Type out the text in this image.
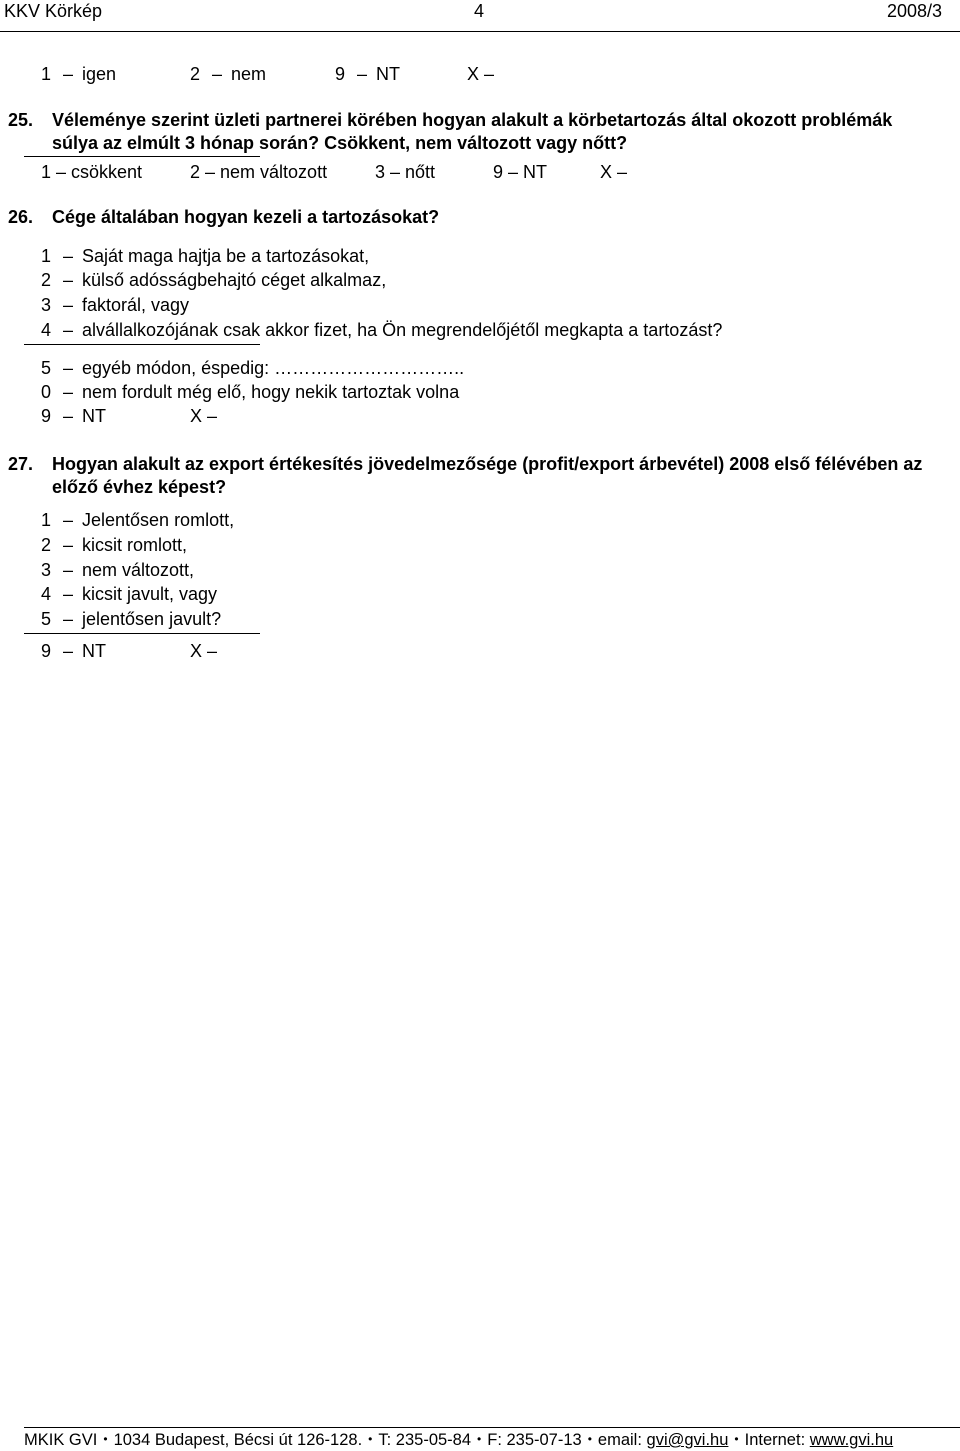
KKV Körkép	4	2008/3
1 – igen	2 – nem	9 – NT	X –
25. Véleménye szerint üzleti partnerei körében hogyan alakult a körbetartozás által okozott problémák
súlya az elmúlt 3 hónap során? Csökkent, nem változott vagy nőtt?
1 – csökkent	2 – nem változott	3 – nőtt	9 – NT	X –
26. Cége általában hogyan kezeli a tartozásokat?
1 – Saját maga hajtja be a tartozásokat,
2 – külső adósságbehajtó céget alkalmaz,
3 – faktorál, vagy
4 – alvállalkozójának csak akkor fizet, ha Ön megrendelőjétől megkapta a tartozást?
5 – egyéb módon, éspedig: …………………………..
0 – nem fordult még elő, hogy nekik tartoztak volna
9 – NT	X –
27. Hogyan alakult az export értékesítés jövedelmezősége (profit/export árbevétel) 2008 első félévében az
előző évhez képest?
1 – Jelentősen romlott,
2 – kicsit romlott,
3 – nem változott,
4 – kicsit javult, vagy
5 – jelentősen javult?
9 – NT	X –
MKIK GVI • 1034 Budapest, Bécsi út 126-128. • T: 235-05-84 • F: 235-07-13 • email: gvi@gvi.hu • Internet: www.gvi.hu
